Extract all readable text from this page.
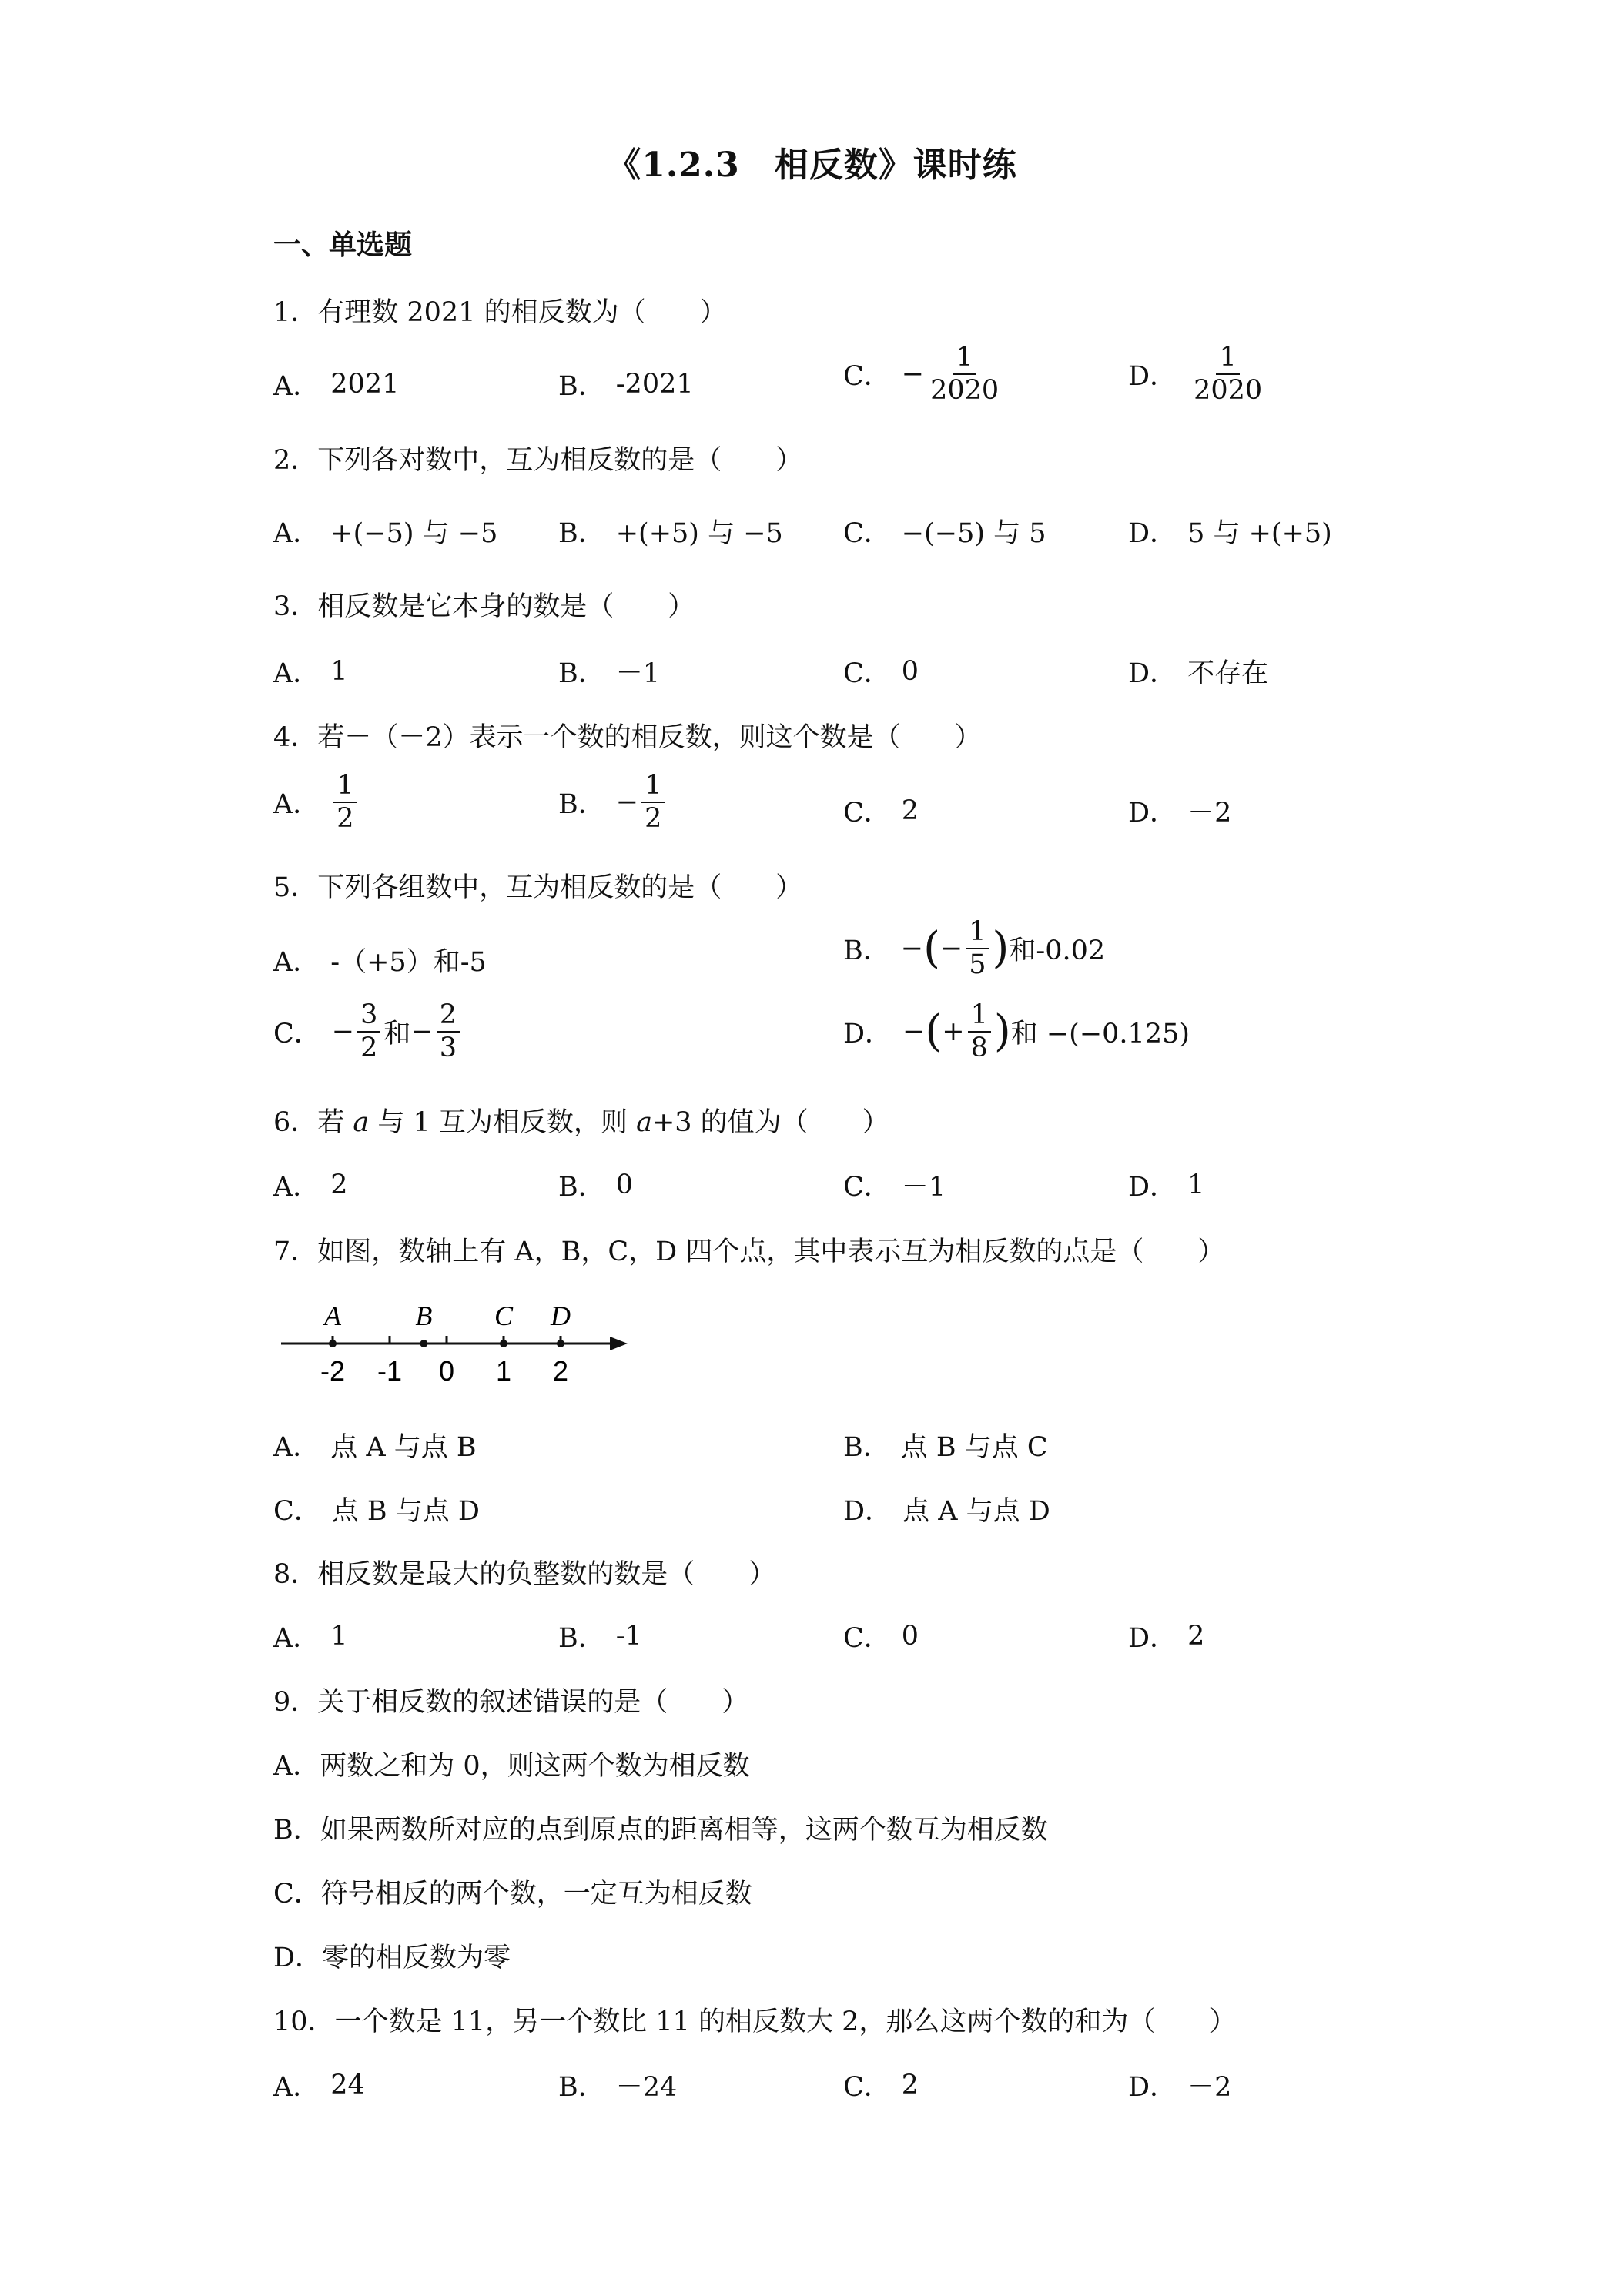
《1.2.3　相反数》课时练
一、单选题
1．有理数 2021 的相反数为（　　）
A． 2021	B． -2021	C． − $\frac{1}{2020}$	D． $\frac{1}{2020}$
2．下列各对数中，互为相反数的是（　　）
A． +(−5) 与 −5 B． +(+5) 与 −5 C． −(−5) 与 5	D． 5 与 +(+5)
3．相反数是它本身的数是（　　）
A． 1	B． －1	C． 0	D． 不存在
4．若－（－2）表示一个数的相反数，则这个数是（　　）
A． $\frac{1}{2}$	B． − $\frac{1}{2}$	C． 2	D． －2
5．下列各组数中，互为相反数的是（　　）
A． -（+5）和-5	B． − ( − $\frac{1}{5}$ ) 和-0.02
C． − $\frac{3}{2}$ 和 − $\frac{2}{3}$	D． − ( + $\frac{1}{8}$ ) 和 −(−0.125)
6．若 a 与 1 互为相反数，则 a+3 的值为（　　）
A． 2	B． 0	C． －1	D． 1
7．如图，数轴上有 A，B，C，D 四个点，其中表示互为相反数的点是（　　）
-2 -1 0 1 2
A	B C D
A． 点 A 与点 B	B． 点 B 与点 C
C． 点 B 与点 D	D． 点 A 与点 D
8．相反数是最大的负整数的数是（　　）
A． 1	B． -1	C． 0	D． 2
9．关于相反数的叙述错误的是（　　）
A．两数之和为 0，则这两个数为相反数
B．如果两数所对应的点到原点的距离相等，这两个数互为相反数
C．符号相反的两个数，一定互为相反数
D．零的相反数为零
10．一个数是 11，另一个数比 11 的相反数大 2，那么这两个数的和为（　　）
A． 24	B． －24	C． 2	D． －2
